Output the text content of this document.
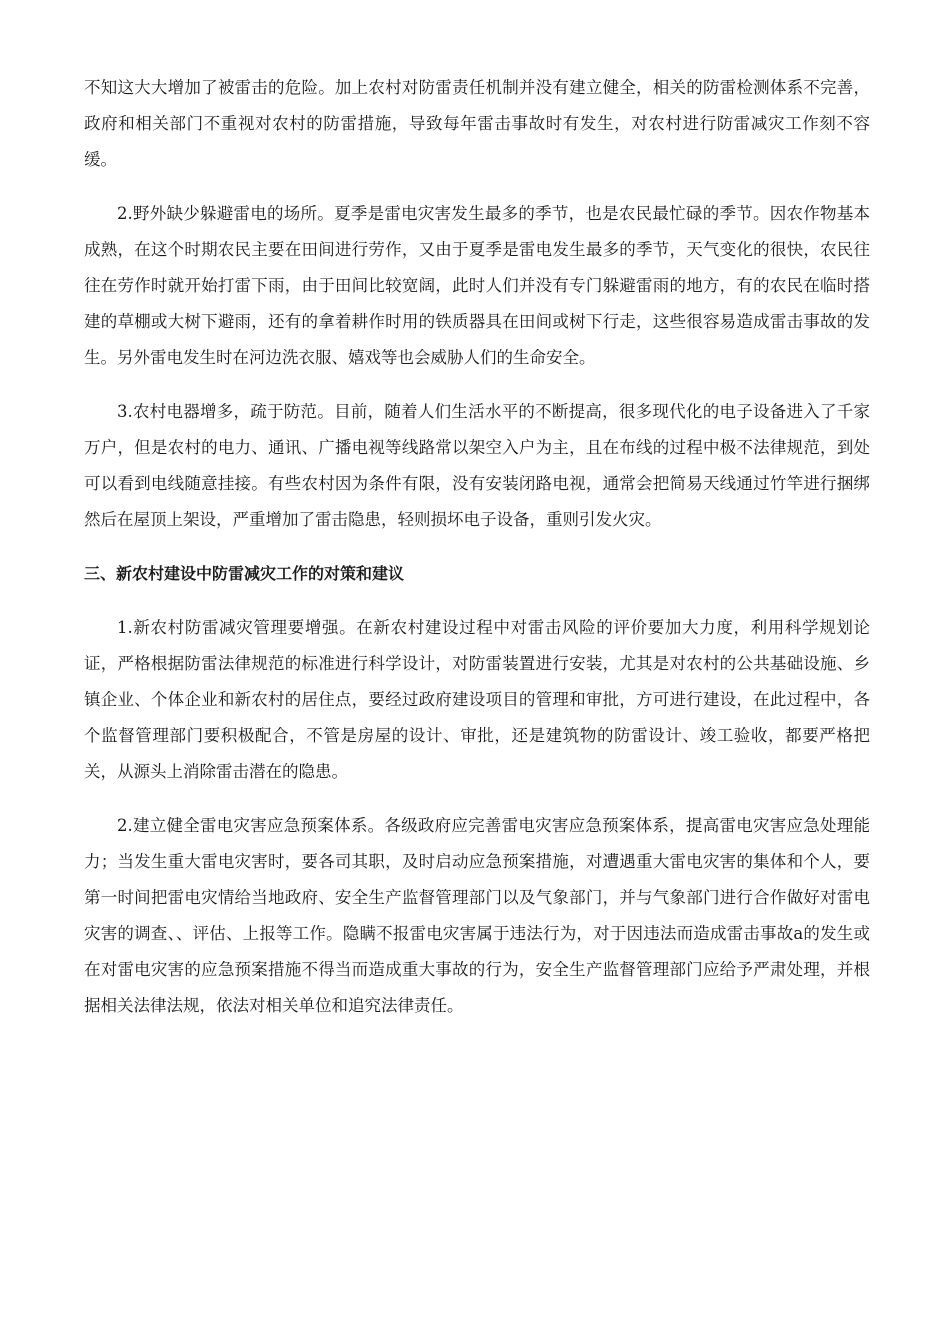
不知这大大增加了被雷击的危险。加上农村对防雷责任机制并没有建立健全，相关的防雷检测体系不完善，政府和相关部门不重视对农村的防雷措施，导致每年雷击事故时有发生，对农村进行防雷减灾工作刻不容缓。

2.野外缺少躲避雷电的场所。夏季是雷电灾害发生最多的季节，也是农民最忙碌的季节。因农作物基本成熟，在这个时期农民主要在田间进行劳作，又由于夏季是雷电发生最多的季节，天气变化的很快，农民往往在劳作时就开始打雷下雨，由于田间比较宽阔，此时人们并没有专门躲避雷雨的地方，有的农民在临时搭建的草棚或大树下避雨，还有的拿着耕作时用的铁质器具在田间或树下行走，这些很容易造成雷击事故的发生。另外雷电发生时在河边洗衣服、嬉戏等也会威胁人们的生命安全。

3.农村电器增多，疏于防范。目前，随着人们生活水平的不断提高，很多现代化的电子设备进入了千家万户，但是农村的电力、通讯、广播电视等线路常以架空入户为主，且在布线的过程中极不法律规范，到处可以看到电线随意挂接。有些农村因为条件有限，没有安装闭路电视，通常会把简易天线通过竹竿进行捆绑然后在屋顶上架设，严重增加了雷击隐患，轻则损坏电子设备，重则引发火灾。

三、新农村建设中防雷减灾工作的对策和建议

1.新农村防雷减灾管理要增强。在新农村建设过程中对雷击风险的评价要加大力度，利用科学规划论证，严格根据防雷法律规范的标准进行科学设计，对防雷装置进行安装，尤其是对农村的公共基础设施、乡镇企业、个体企业和新农村的居住点，要经过政府建设项目的管理和审批，方可进行建设，在此过程中，各个监督管理部门要积极配合，不管是房屋的设计、审批，还是建筑物的防雷设计、竣工验收，都要严格把关，从源头上消除雷击潜在的隐患。

2.建立健全雷电灾害应急预案体系。各级政府应完善雷电灾害应急预案体系，提高雷电灾害应急处理能力；当发生重大雷电灾害时，要各司其职，及时启动应急预案措施，对遭遇重大雷电灾害的集体和个人，要第一时间把雷电灾情给当地政府、安全生产监督管理部门以及气象部门，并与气象部门进行合作做好对雷电灾害的调查、、评估、上报等工作。隐瞒不报雷电灾害属于违法行为，对于因违法而造成雷击事故a的发生或在对雷电灾害的应急预案措施不得当而造成重大事故的行为，安全生产监督管理部门应给予严肃处理，并根据相关法律法规，依法对相关单位和追究法律责任。
